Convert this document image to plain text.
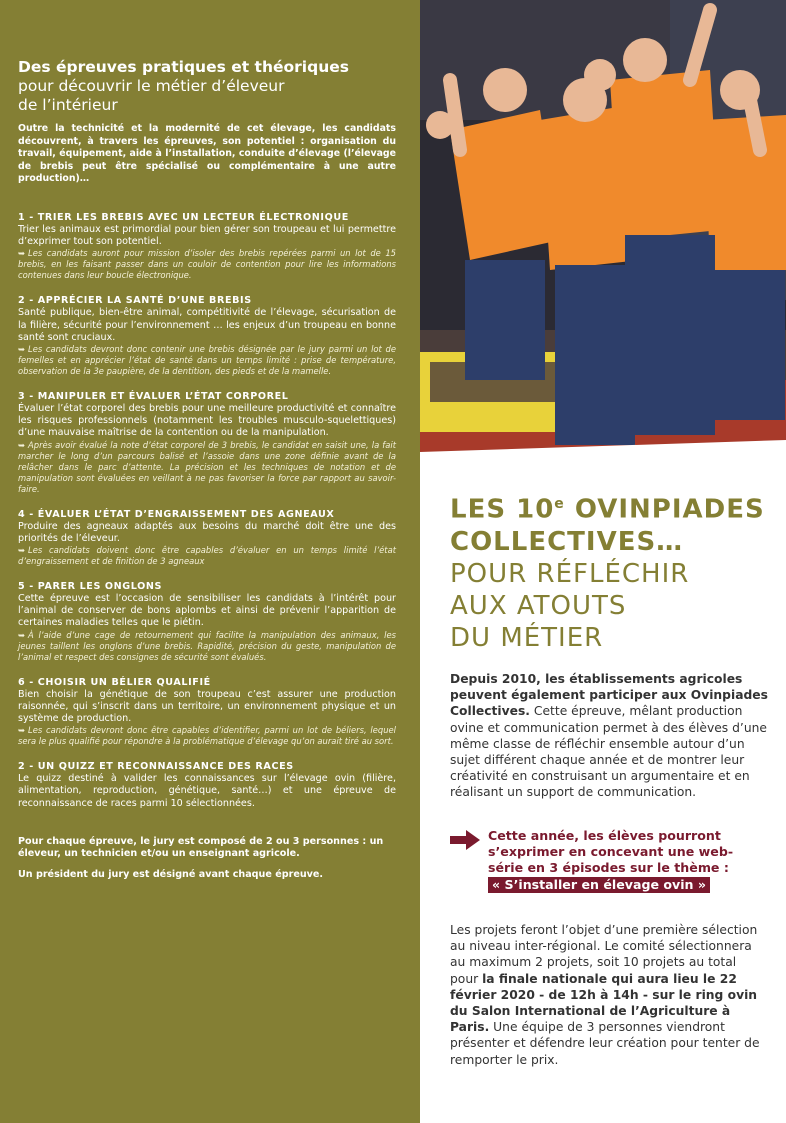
Des épreuves pratiques et théoriques
pour découvrir le métier d’éleveur
de l’intérieur
Outre la technicité et la modernité de cet élevage, les candidats découvrent, à travers les épreuves, son potentiel : organisation du travail, équipement, aide à l’installation, conduite d’élevage (l’élevage de brebis peut être spécialisé ou complémentaire à une autre production)…
1 - TRIER LES BREBIS AVEC UN LECTEUR ÉLECTRONIQUE
Trier les animaux est primordial pour bien gérer son troupeau et lui permettre d’exprimer tout son potentiel.
➥ Les candidats auront pour mission d’isoler des brebis repérées parmi un lot de 15 brebis, en les faisant passer dans un couloir de contention pour lire les informations contenues dans leur boucle électronique.
2 - APPRÉCIER LA SANTÉ D’UNE BREBIS
Santé publique, bien-être animal, compétitivité de l’élevage, sécurisation de la filière, sécurité pour l’environnement … les enjeux d’un troupeau en bonne santé sont cruciaux.
➥ Les candidats devront donc contenir une brebis désignée par le jury parmi un lot de femelles et en apprécier l’état de santé dans un temps limité : prise de température, observation de la 3e paupière, de la dentition, des pieds et de la mamelle.
3 - MANIPULER ET ÉVALUER L’ÉTAT CORPOREL
Évaluer l’état corporel des brebis pour une meilleure productivité et connaître les risques professionnels (notamment les troubles musculo-squelettiques) d’une mauvaise maîtrise de la contention ou de la manipulation.
➥ Après avoir évalué la note d’état corporel de 3 brebis, le candidat en saisit une, la fait marcher le long d’un parcours balisé et l’assoie dans une zone définie avant de la relâcher dans le parc d’attente. La précision et les techniques de notation et de manipulation sont évaluées en veillant à ne pas favoriser la force par rapport au savoir-faire.
4 - ÉVALUER L’ÉTAT D’ENGRAISSEMENT DES AGNEAUX
Produire des agneaux adaptés aux besoins du marché doit être une des priorités de l’éleveur.
➥ Les candidats doivent donc être capables d’évaluer en un temps limité l’état d’engraissement et de finition de 3 agneaux
5 - PARER LES ONGLONS
Cette épreuve est l’occasion de sensibiliser les candidats à l’intérêt pour l’animal de conserver de bons aplombs et ainsi de prévenir l’apparition de certaines maladies telles que le piétin.
➥ À l’aide d’une cage de retournement qui facilite la manipulation des animaux, les jeunes taillent les onglons d’une brebis. Rapidité, précision du geste, manipulation de l’animal et respect des consignes de sécurité sont évalués.
6 - CHOISIR UN BÉLIER QUALIFIÉ
Bien choisir la génétique de son troupeau c’est assurer une production raisonnée, qui s’inscrit dans un territoire, un environnement physique et un système de production.
➥ Les candidats devront donc être capables d’identifier, parmi un lot de béliers, lequel sera le plus qualifié pour répondre à la problématique d’élevage qu’on aurait tiré au sort.
2 - UN QUIZZ ET RECONNAISSANCE DES RACES
Le quizz destiné à valider les connaissances sur l’élevage ovin (filière, alimentation, reproduction, génétique, santé…) et une épreuve de reconnaissance de races parmi 10 sélectionnées.

Pour chaque épreuve, le jury est composé de 2 ou 3 personnes : un éleveur, un technicien et/ou un enseignant agricole.

Un président du jury est désigné avant chaque épreuve.

LES 10e OVINPIADES
COLLECTIVES…
POUR RÉFLÉCHIR
AUX ATOUTS
DU MÉTIER
Depuis 2010, les établissements agricoles peuvent également participer aux Ovinpiades Collectives. Cette épreuve, mêlant production ovine et communication permet à des élèves d’une même classe de réfléchir ensemble autour d’un sujet différent chaque année et de montrer leur créativité en construisant un argumentaire et en réalisant un support de communication.
Cette année, les élèves pourront s’exprimer en concevant une web-série en 3 épisodes sur le thème :
« S’installer en élevage ovin »
Les projets feront l’objet d’une première sélection au niveau inter-régional. Le comité sélectionnera au maximum 2 projets, soit 10 projets au total pour la finale nationale qui aura lieu le 22 février 2020 - de 12h à 14h - sur le ring ovin du Salon International de l’Agriculture à Paris. Une équipe de 3 personnes viendront présenter et défendre leur création pour tenter de remporter le prix.
